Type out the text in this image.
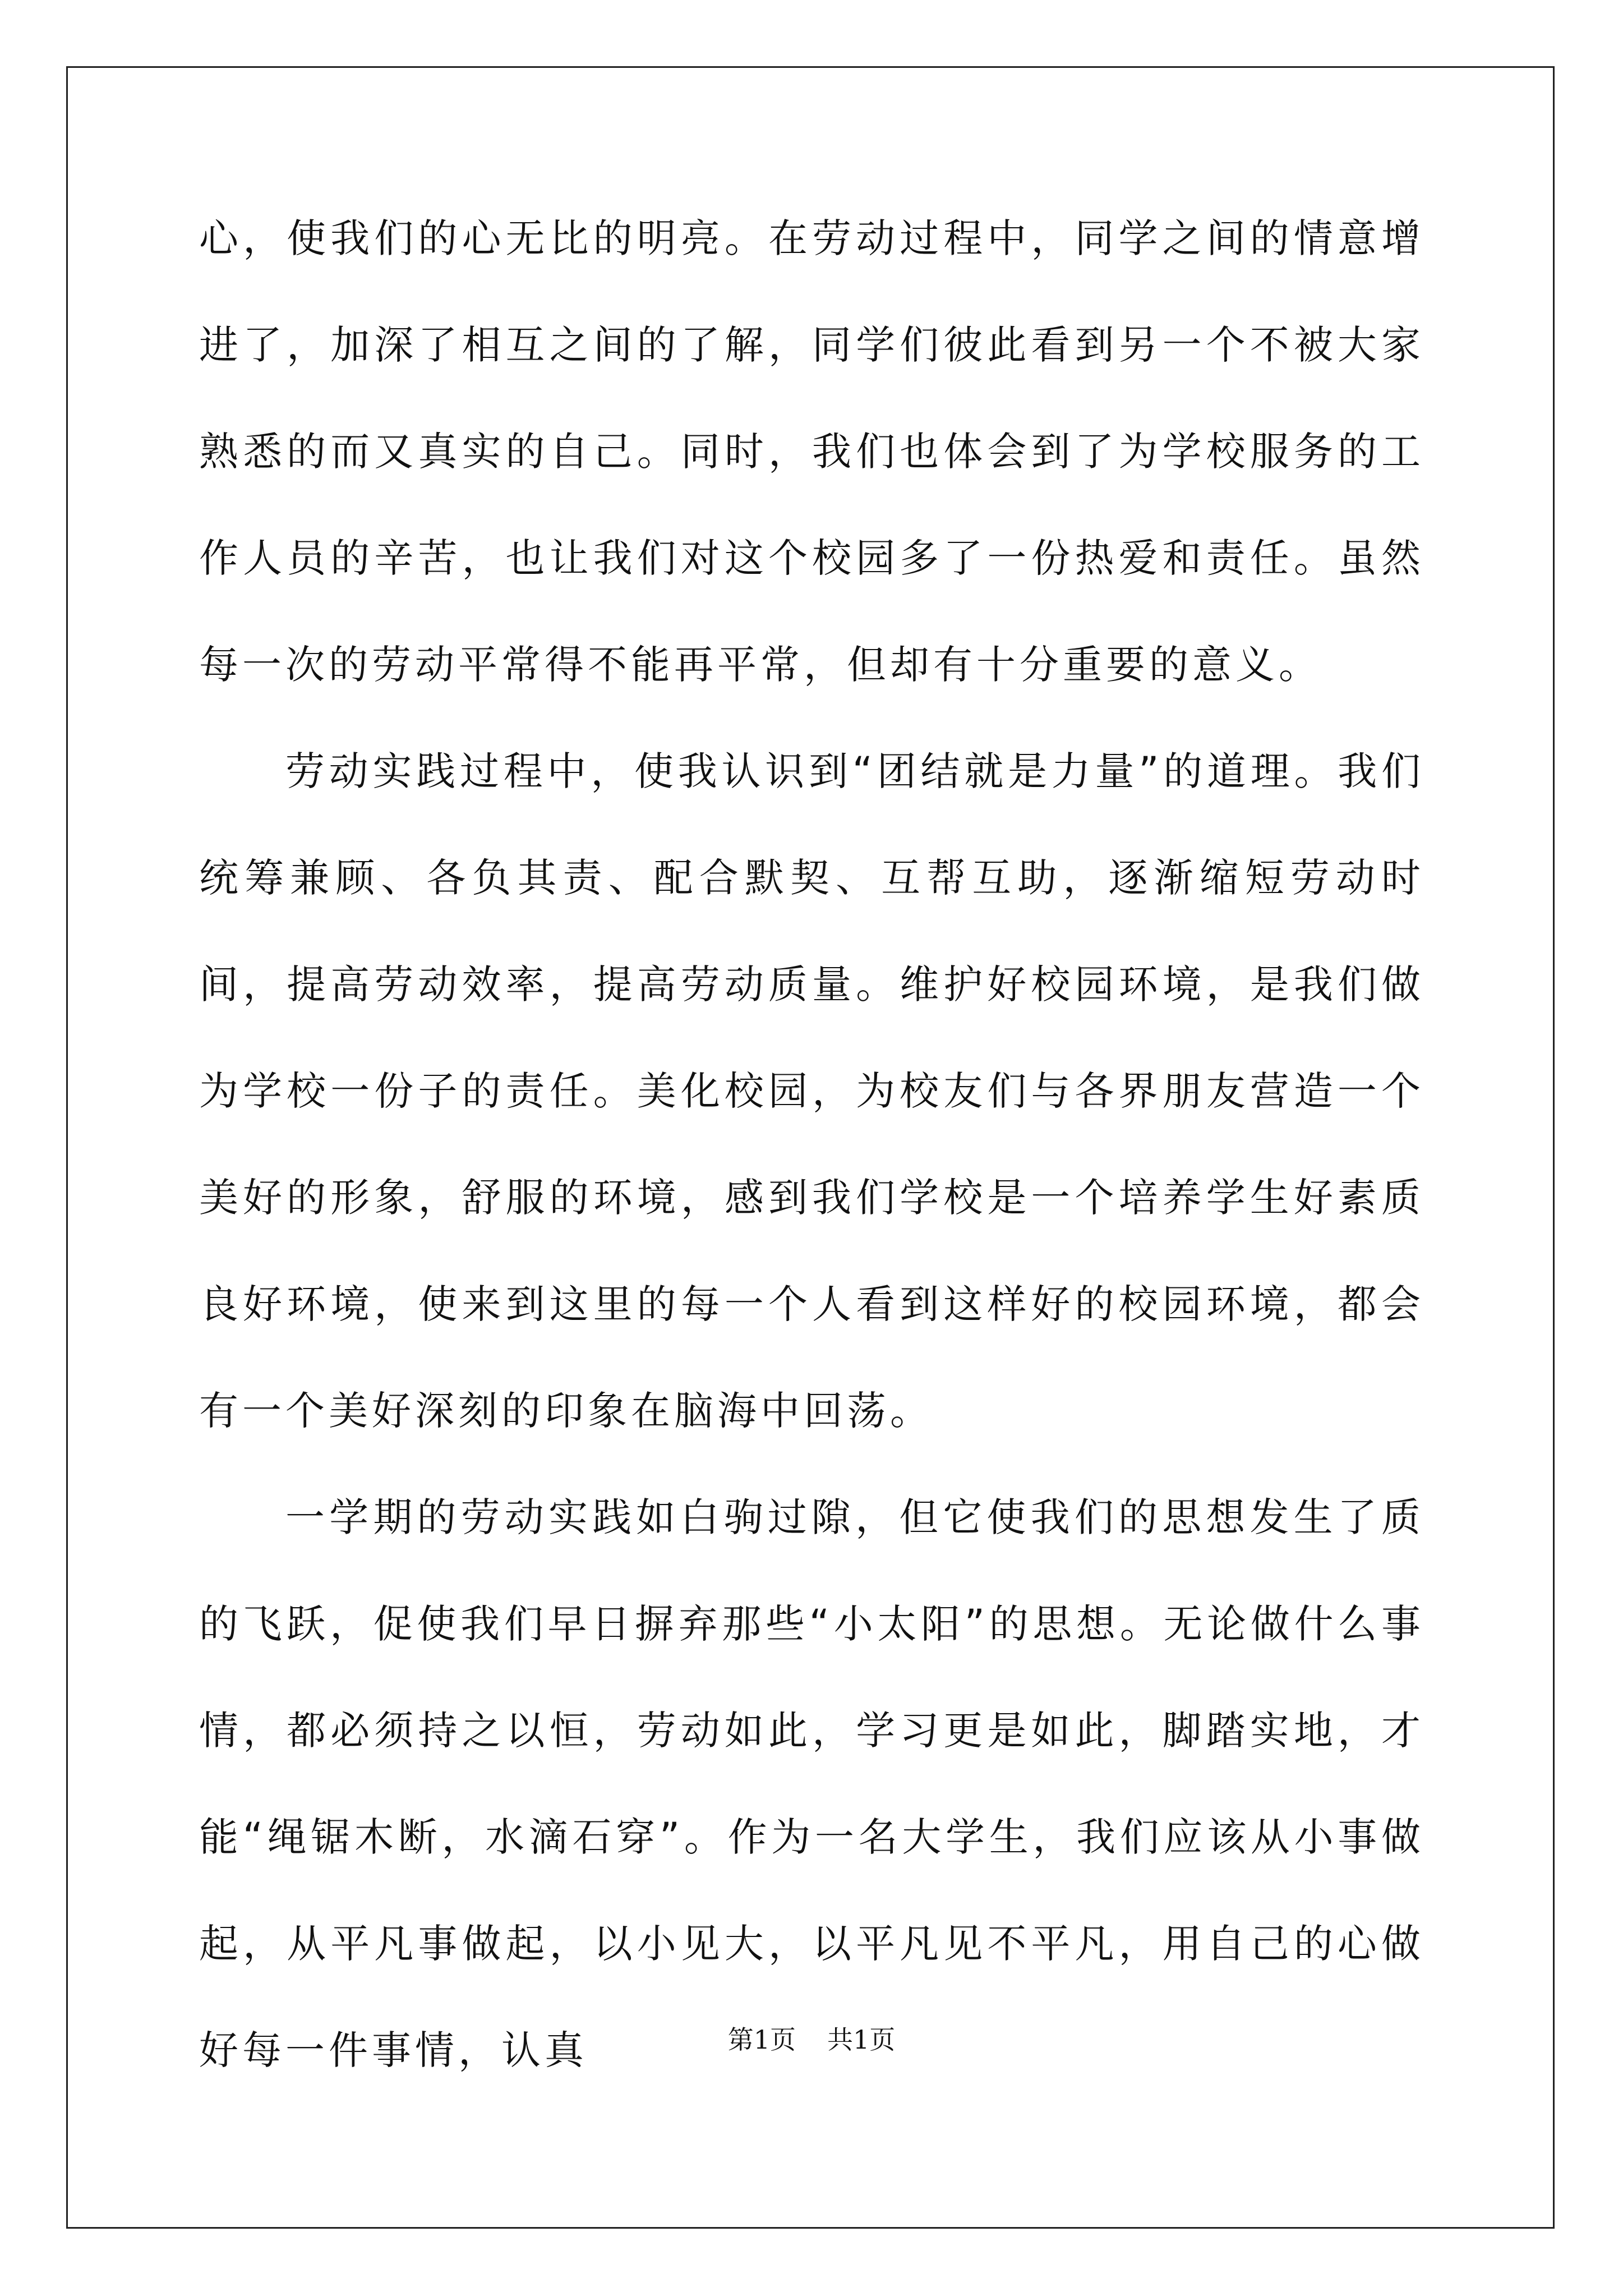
心，使我们的心无比的明亮。在劳动过程中，同学之间的情意增进了，加深了相互之间的了解，同学们彼此看到另一个不被大家熟悉的而又真实的自己。同时，我们也体会到了为学校服务的工作人员的辛苦，也让我们对这个校园多了一份热爱和责任。虽然每一次的劳动平常得不能再平常，但却有十分重要的意义。

劳动实践过程中，使我认识到“团结就是力量”的道理。我们统筹兼顾、各负其责、配合默契、互帮互助，逐渐缩短劳动时间，提高劳动效率，提高劳动质量。维护好校园环境，是我们做为学校一份子的责任。美化校园，为校友们与各界朋友营造一个美好的形象，舒服的环境，感到我们学校是一个培养学生好素质良好环境，使来到这里的每一个人看到这样好的校园环境，都会有一个美好深刻的印象在脑海中回荡。

一学期的劳动实践如白驹过隙，但它使我们的思想发生了质的飞跃，促使我们早日摒弃那些“小太阳”的思想。无论做什么事情，都必须持之以恒，劳动如此，学习更是如此，脚踏实地，才能“绳锯木断，水滴石穿”。作为一名大学生，我们应该从小事做起，从平凡事做起，以小见大，以平凡见不平凡，用自己的心做好每一件事情，认真	第1页 共1页
